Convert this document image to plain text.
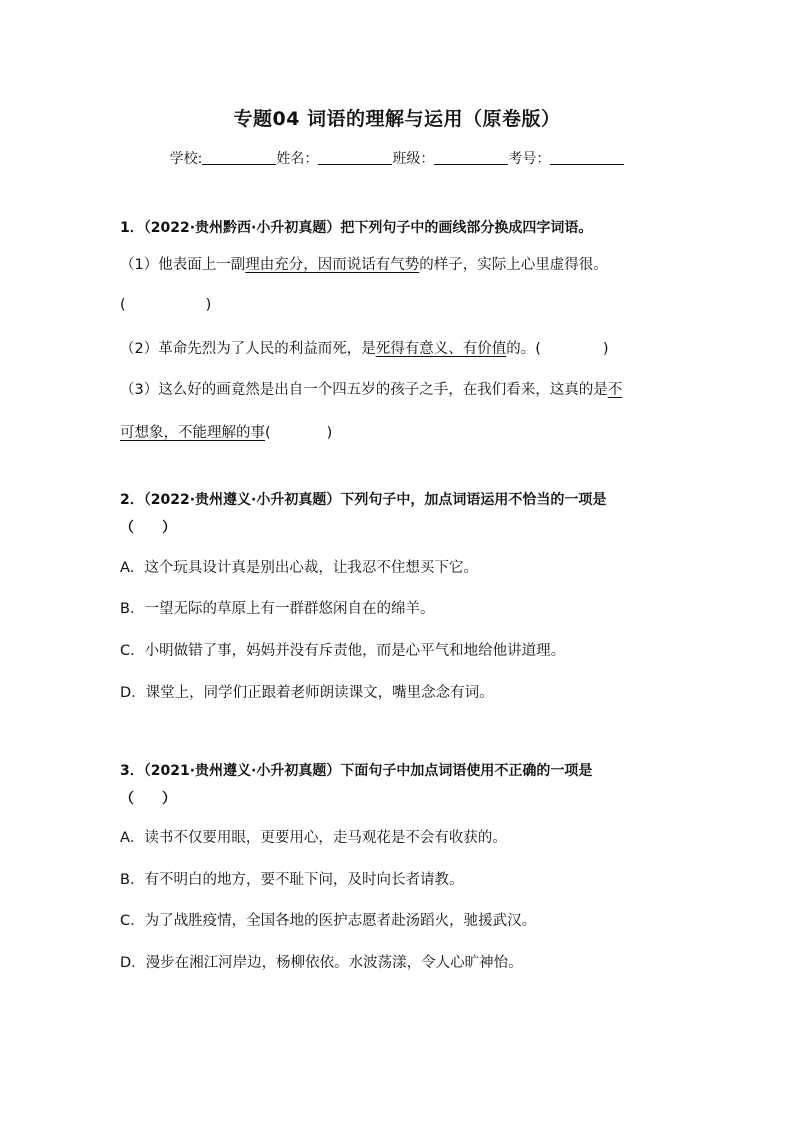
专题04 词语的理解与运用（原卷版）
学校:	姓名：	班级：	考号：
1．（2022·贵州黔西·小升初真题）把下列句子中的画线部分换成四字词语。
（1）他表面上一副理由充分，因而说话有气势的样子，实际上心里虚得很。
(	)
（2）革命先烈为了人民的利益而死，是死得有意义、有价值的。(	)
（3）这么好的画竟然是出自一个四五岁的孩子之手，在我们看来，这真的是不
可想象，不能理解的事(	)
2．（2022·贵州遵义·小升初真题）下列句子中，加点词语运用不恰当的一项是
（　　）
A．这个玩具设计真是别出心裁，让我忍不住想买下它。
B．一望无际的草原上有一群群悠闲自在的绵羊。
C．小明做错了事，妈妈并没有斥责他，而是心平气和地给他讲道理。
D．课堂上，同学们正跟着老师朗读课文，嘴里念念有词。
3．（2021·贵州遵义·小升初真题）下面句子中加点词语使用不正确的一项是
（　　）
A．读书不仅要用眼，更要用心，走马观花是不会有收获的。
B．有不明白的地方，要不耻下问，及时向长者请教。
C．为了战胜疫情，全国各地的医护志愿者赴汤蹈火，驰援武汉。
D．漫步在湘江河岸边，杨柳依依。水波荡漾，令人心旷神怡。
